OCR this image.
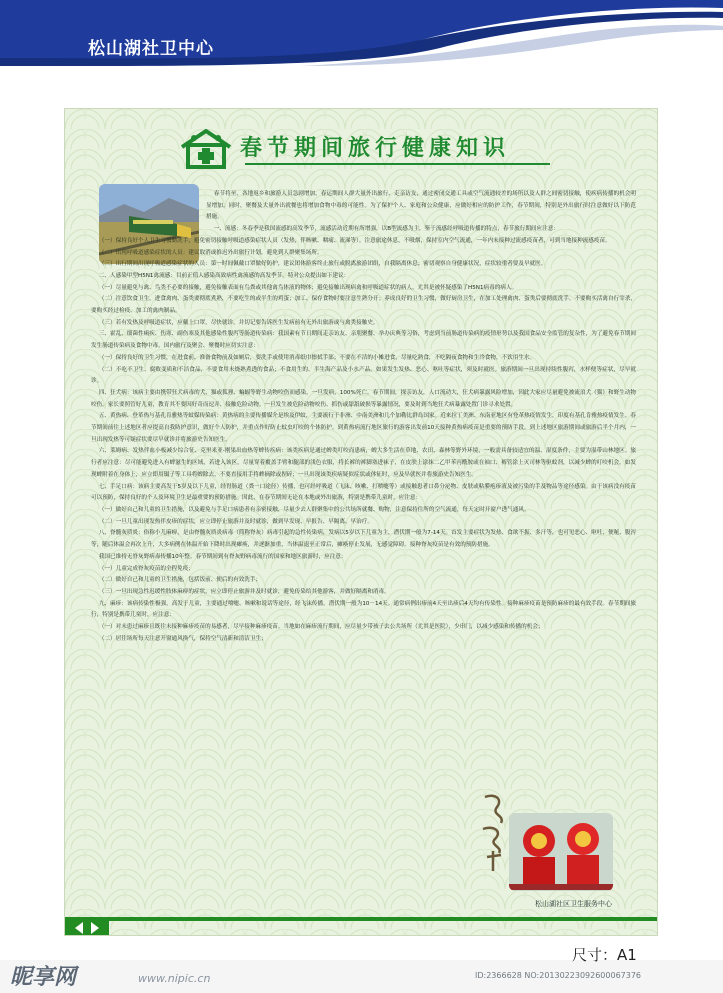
松山湖社卫中心
春节期间旅行健康知识

春节将至，各地返乡和旅游人员急剧增加，春运期间人群大量外出旅行、走亲访友，通过密闭交通工具或空气流通较差的场所以及人群之间密切接触，使疾病传播的机会明显增加。同时，聚餐及大量外出就餐也将增加食物中毒的可能性。为了保护个人、家庭和公众健康，应做好相应的防护工作，春节期间，特别是外出旅行时注意做好以下防范措施。

一、流感：冬春季是我国流感的高发季节，流感活动近期有所增强，以B型流感为主，鉴于流感经呼吸道传播的特点，春节旅行期间应注意：

（一）保持良好个人卫生习惯勤洗手，避免密切接触呼吸道感染症状人员（发热，伴咳嗽、咽痛、流涕等）。注意旅途休息，不吸烟，保持室内空气流通，一年内未接种过流感疫苗者，可到当地接种流感疫苗。

（二）出现呼吸道感染症状的人员：建议取消或推迟外出旅行计划，避免到人群聚集场所。

（三）出行期间出现呼吸道感染症状的人员：第一时间佩戴口罩做好防护，建议团体游客终止旅行或脱离旅游团组，自我隔离休息；密切观察自身健康状况，症状较重者要及早就医。

二、人感染甲型H5N1禽流感：目前正值人感染高致病性禽流感的高发季节，特对公众提出如下建议：

（一）尽量避免与禽、鸟类不必要的接触，避免接触表面有鸟粪或其他禽鸟体液的物体；避免接触出现病禽和呼吸道症状的病人，尤其是被怀疑感染了H5N1病毒的病人。

（二）注意饮食卫生，进食禽肉、蛋类要彻底煮熟，不要吃生的或半生的鸡蛋；加工、保存食物时要注意生熟分开；养成良好的卫生习惯，做好厨房卫生，在加工处理禽肉、蛋类后要彻底洗手。不要购买活禽自行宰杀，要购买经过检疫、加工的禽肉制品。

（三）若有发热及呼吸道症状，应戴上口罩，尽快就诊，并切记要告诉医生发病前有无外出旅游或与禽类接触史。

三、霍乱、细菌性痢疾、伤寒、副伤寒及其他感染性腹泻等肠道传染病：我国素有节日期间走亲访友、亲朋聚餐、举办庆典等习俗，考虑到当前肠道传染病的疫情形势以及我国食品安全监管的复杂性，为了避免春节期间发生肠道传染病及食物中毒，国内旅行及聚会、聚餐时应切实注意：

（一）保持良好的卫生习惯，在进食前、准备食物前及如厕后，要洗手或使用消毒纸巾擦拭手部；不要在不洁的小摊进食，尽量吃熟食，不吃隔夜食物和生冷食物，不饮用生水。

（二）不吃不卫生、腐败变质和不洁食品，不要食用未烧熟煮透的食品；不食用生的、半生海产品及小水产品。如果发生发热、恶心、呕吐等症状，须及时就医。旅游期间一旦出现持续性腹泻，水样便等症状，尽早就诊。

四、狂犬病：该病主要由携带狂犬病毒的犬、猫或狐狸、蝙蝠等野生动物咬伤而感染，一旦发病，100%死亡。春节期间，探亲访友，人口流动大，狂犬病暴露风险增加，因此大家应尽量避免被流浪犬（猫）和野生动物咬伤。家长要照管好儿童，教育其不要因好奇而逗弄、接触危险动物。一旦发生被危险动物咬伤、抓伤或舔舐破损等暴露情况，要及时到当地狂犬病暴露处置门诊寻求处置。

五、黄热病、登革热与基孔肯雅热等蚊媒传染病：黄热病的主要传播媒介是埃及伊蚊，主要流行于非洲、中南美洲和几个加勒比群岛国家。近来拉丁美洲、东南亚地区有登革热疫情发生，印度有基孔肯雅热疫情发生。春节期间前往上述地区者应提高自我防护意识，做好个人防护，并重点作好防止蚊虫叮咬的个体防护。到黄热病流行地区旅行的游客出发前10天接种黄热病疫苗是重要的预防手段。到上述地区旅游期间或旅游后半个月内，一旦出现发热等可疑症状要尽早就诊并将旅游史告知医生。

六、莱姆病、发热伴血小板减少综合征、克里米亚-刚果出血热等蜱传疾病：该类疾病是通过蜱类叮咬而患病，蜱大多生活在草地、农田、森林等野外环境，一般需具备较适宜的温、湿度条件，主要为湿带山林地区。旅行者应注意：尽可能避免进入有蜱滋生的区域，若进入该区，尽量穿着覆盖手臂和腿部的浅色衣服，将长裤的裤脚塞进袜子，在皮肤上涂抹二乙甲苯丙酰胺或在袖口、裤管涂上灭司林等驱蚊剂，以减少蜱的叮咬机会。如发现蜱附着在身体上，应立即用镊子等工具将蜱除去，不要直接用手将蜱摘除或捏碎；一旦出现该类疾病疑似症状或体征时，应及早就医并将旅游史告知医生。

七、手足口病：该病主要高发于5岁及以下儿童，经胃肠道（粪－口途径）传播，也可经呼吸道（飞沫、咳嗽、打喷嚏等）或接触患者口鼻分泌物、皮肤或粘膜疱疹液及被污染的手及物品等途径感染。由于该病没有疫苗可以预防，保持良好的个人及环境卫生是最重要的预防措施。因此，在春节期间无论在本地或外出旅游，特别是携带儿童时，应注意：

（一）做好自己和儿童的卫生措施，以及避免与手足口病患者有亲密接触，尽量少去人群聚集中的公共场所就餐、购物，注意保持住所的空气流通，每天定时开窗户透气通风。

（二）一旦儿童出现发热伴皮疹的症状，应立即停止旅游并及时就诊，做到早发现、早报告、早隔离、早治疗。

八、脊髓灰质炎：俗称小儿麻痹，是由脊髓灰质炎病毒（简称脊灰）病毒引起的急性传染病，发病以5岁以下儿童为主，潜伏期一般为7-14天。首发主要症状为发热、食欲不振、多汗等，也可见恶心、呕吐、便秘、腹泻等，随后体温会再次上升，大多病例在体温开始下降时出现瘫痪，并逐渐加重，当体温退至正常后，瘫痪停止发展，无感觉障碍。接种脊灰疫苗是有效的预防措施。

我国已维持无脊灰野病毒传播10年整。春节期间到有脊灰野病毒流行的国家和地区旅游时，应注意：

（一）儿童完成脊灰疫苗的全程免疫；

（二）做好自己和儿童的卫生措施，包括饭前、便后的有效洗手；

（三）一旦出现急性迟缓性肢体麻痹的症状，应立即停止旅游并及时就诊，避免传染给其他游客，并做好隔离和消毒。

九、麻疹：该病传染性极强，高发于儿童，主要通过喷嚏、咳嗽和说话等途径，经飞沫传播，潜伏期一般为10－14天。通常病例出疹前4天至出疹后4天均有传染性。接种麻疹疫苗是预防麻疹的最有效手段。春节期间旅行，特别是携带儿童时，应注意：

（一）对未患过麻疹且既往未接种麻疹疫苗的易感者，尽早接种麻疹疫苗。当地如在麻疹流行期间，应尽量少带孩子去公共场所（尤其是医院），少串门，以减少感染和传播的机会；

（二）居住场所每天注意开窗通风换气，保持空气清新和清洁卫生；

松山湖社区卫生服务中心
尺寸：A1
昵享网	www.nipic.cn	ID:2366628 NO:20130223092600067376
